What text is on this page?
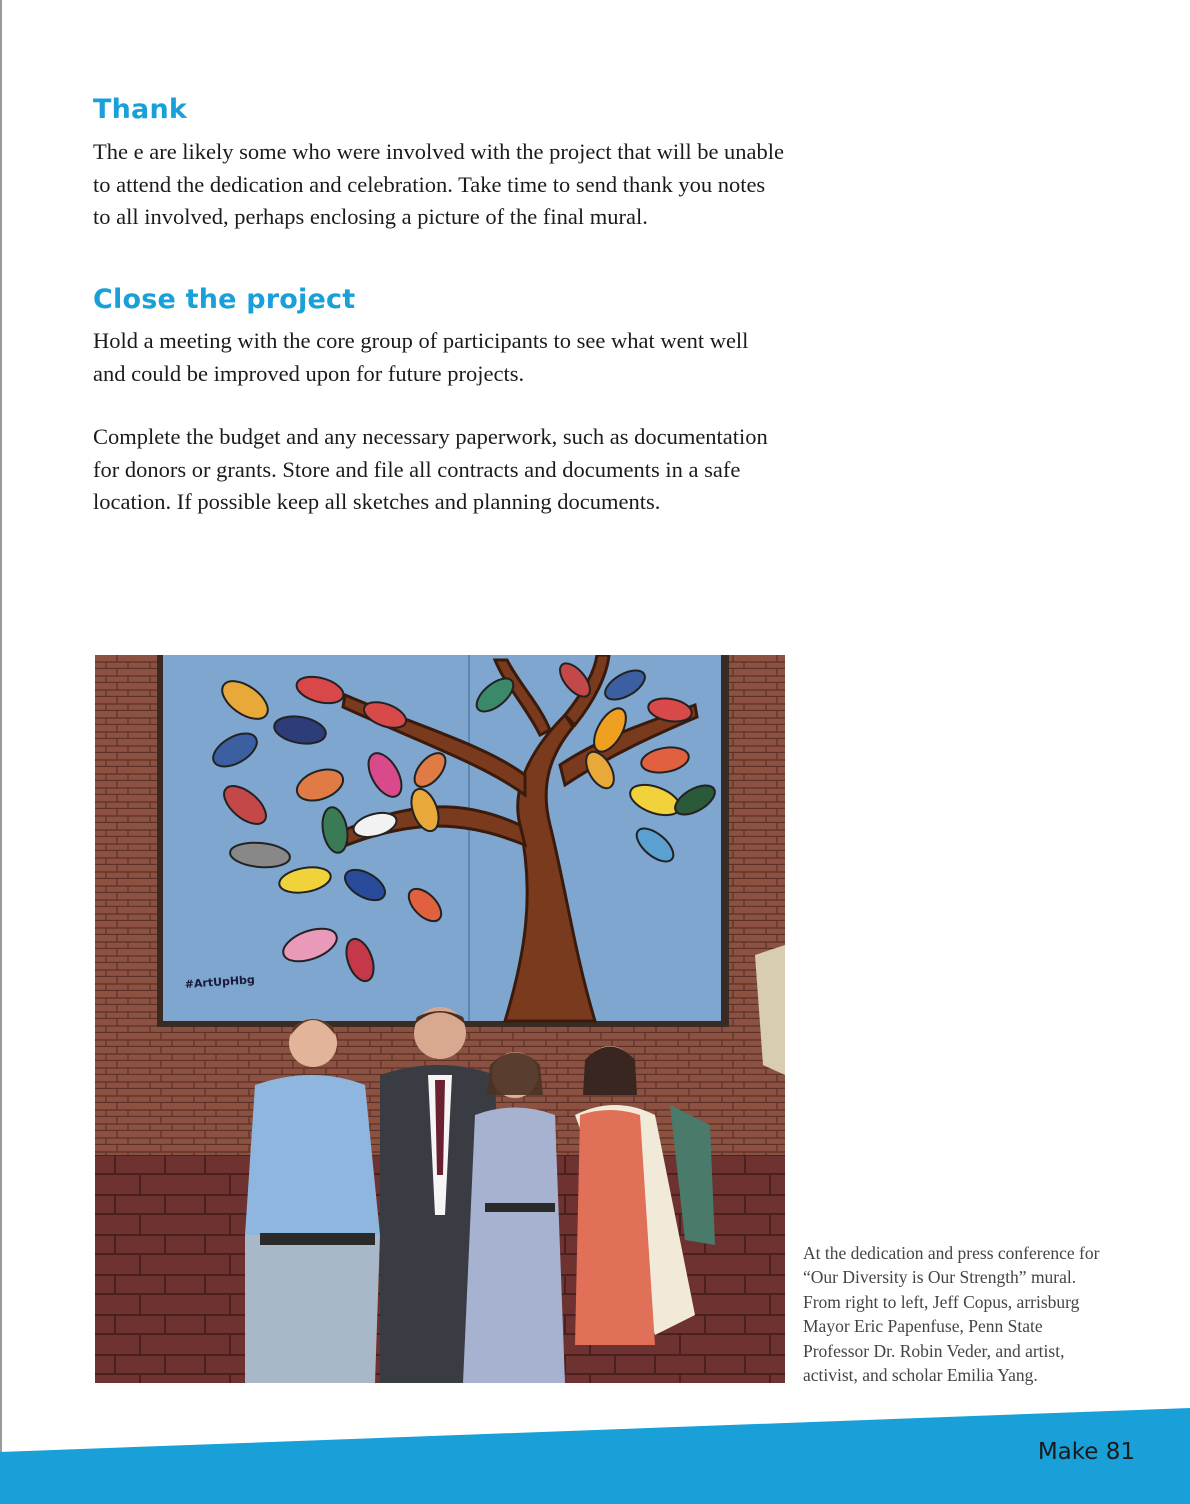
Thank

The e are likely some who were involved with the project that will be unable to attend the dedication and celebration. Take time to send thank you notes to all involved, perhaps enclosing a picture of the final mural.

Close the project

Hold a meeting with the core group of participants to see what went well and could be improved upon for future projects.

Complete the budget and any necessary paperwork, such as documentation for donors or grants. Store and file all contracts and documents in a safe location. If possible keep all sketches and planning documents.

#ArtUpHbg

At the dedication and press conference for
“Our Diversity is Our Strength” mural.
From right to left, Jeff Copus, arrisburg
Mayor Eric Papenfuse, Penn State
Professor Dr. Robin Veder, and artist,
activist, and scholar Emilia Yang.

Make 81
